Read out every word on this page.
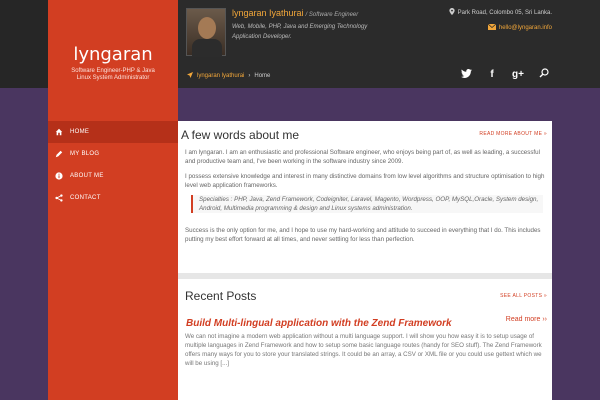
lyngaran
Software Engineer-PHP & Java
Linux System Administrator
HOME
MY BLOG
ABOUT ME
CONTACT
lyngaran Iyathurai / Software Engineer
Web, Mobile, PHP, Java and Emerging Technology Application Developer.
Park Road, Colombo 05, Sri Lanka.
hello@lyngaran.info
lyngaran lyathurai › Home	f	g+
A few words about me	READ MORE ABOUT ME »
I am lyngaran. I am an enthusiastic and professional Software engineer, who enjoys being part of, as well as leading, a successful and productive team and, I've been working in the software industry since 2009.
I possess extensive knowledge and interest in many distinctive domains from low level algorithms and structure optimisation to high level web application frameworks.
Specialties : PHP, Java, Zend Framework, Codeigniter, Laravel, Magento, Wordpress, OOP, MySQL,Oracle, System design, Android, Multimedia programming & design and Linux systems administration.
Success is the only option for me, and I hope to use my hard-working and attitude to succeed in everything that I do. This includes putting my best effort forward at all times, and never settling for less than perfection.
Recent Posts	SEE ALL POSTS »
Build Multi-lingual application with the Zend Framework	Read more ››
We can not imagine a modern web application without a multi language support. I will show you how easy it is to setup usage of multiple languages in Zend Framework and how to setup some basic language routes (handy for SEO stuff). The Zend Framework offers many ways for you to store your translated strings. It could be an array, a CSV or XML file or you could use gettext which we will be using [...]
